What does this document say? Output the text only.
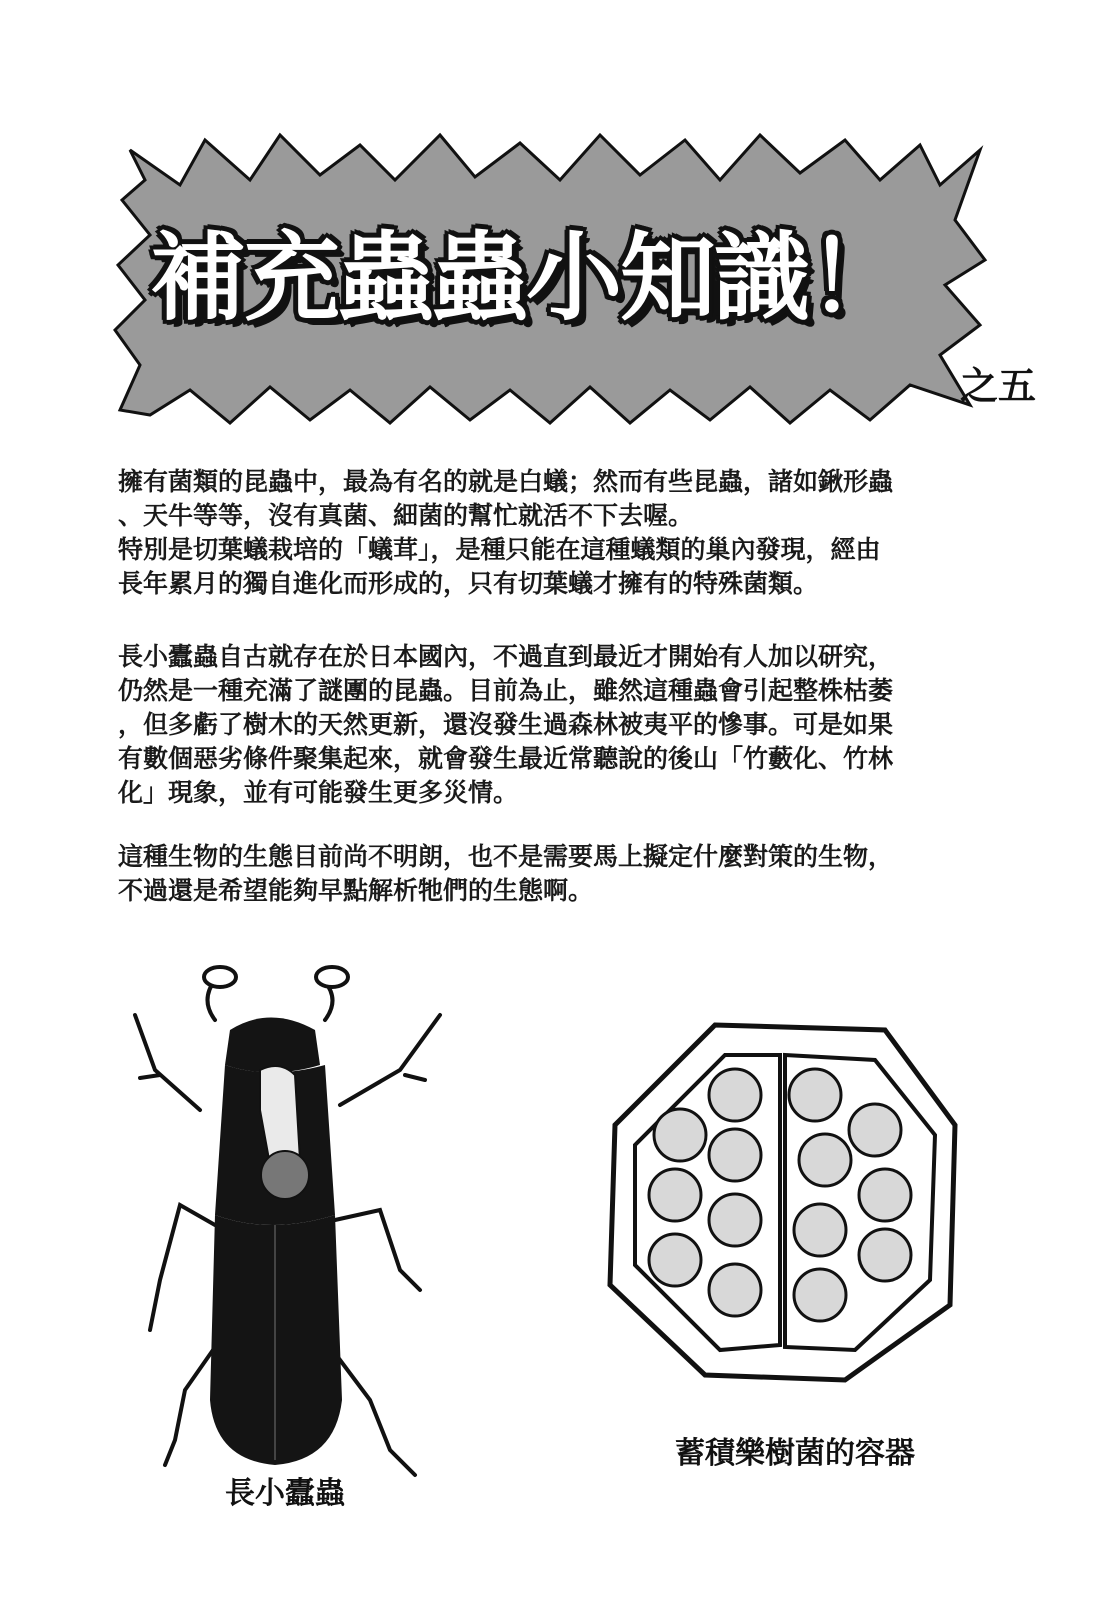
補充蟲蟲小知識！
之五

擁有菌類的昆蟲中，最為有名的就是白蟻；然而有些昆蟲，諸如鍬形蟲

、天牛等等，沒有真菌、細菌的幫忙就活不下去喔。

特別是切葉蟻栽培的「蟻茸」，是種只能在這種蟻類的巢內發現，經由

長年累月的獨自進化而形成的，只有切葉蟻才擁有的特殊菌類。

長小蠹蟲自古就存在於日本國內，不過直到最近才開始有人加以研究，

仍然是一種充滿了謎團的昆蟲。目前為止，雖然這種蟲會引起整株枯萎

，但多虧了樹木的天然更新，還沒發生過森林被夷平的慘事。可是如果

有數個惡劣條件聚集起來，就會發生最近常聽說的後山「竹藪化、竹林

化」現象，並有可能發生更多災情。

這種生物的生態目前尚不明朗，也不是需要馬上擬定什麼對策的生物，

不過還是希望能夠早點解析牠們的生態啊。

長小蠹蟲
蓄積樂樹菌的容器
